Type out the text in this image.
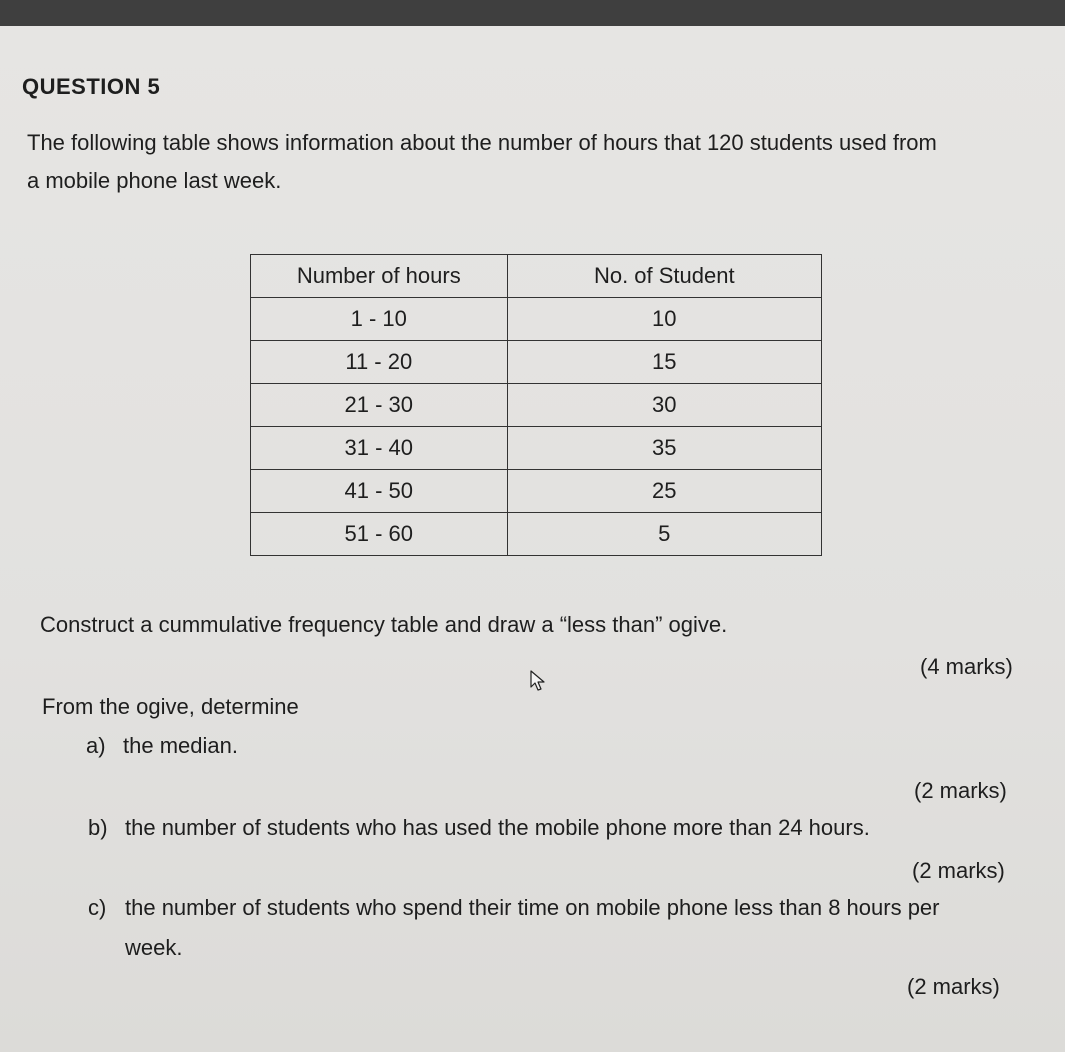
QUESTION 5
The following table shows information about the number of hours that 120 students used from
a mobile phone last week.
Number of hours	No. of Student
1 - 10	10
11 - 20	15
21 - 30	30
31 - 40	35
41 - 50	25
51 - 60	5
Construct a cummulative frequency table and draw a “less than” ogive.
(4 marks)
From the ogive, determine
a) the median.
(2 marks)
b) the number of students who has used the mobile phone more than 24 hours.
(2 marks)
c) the number of students who spend their time on mobile phone less than 8 hours per
week.
(2 marks)
